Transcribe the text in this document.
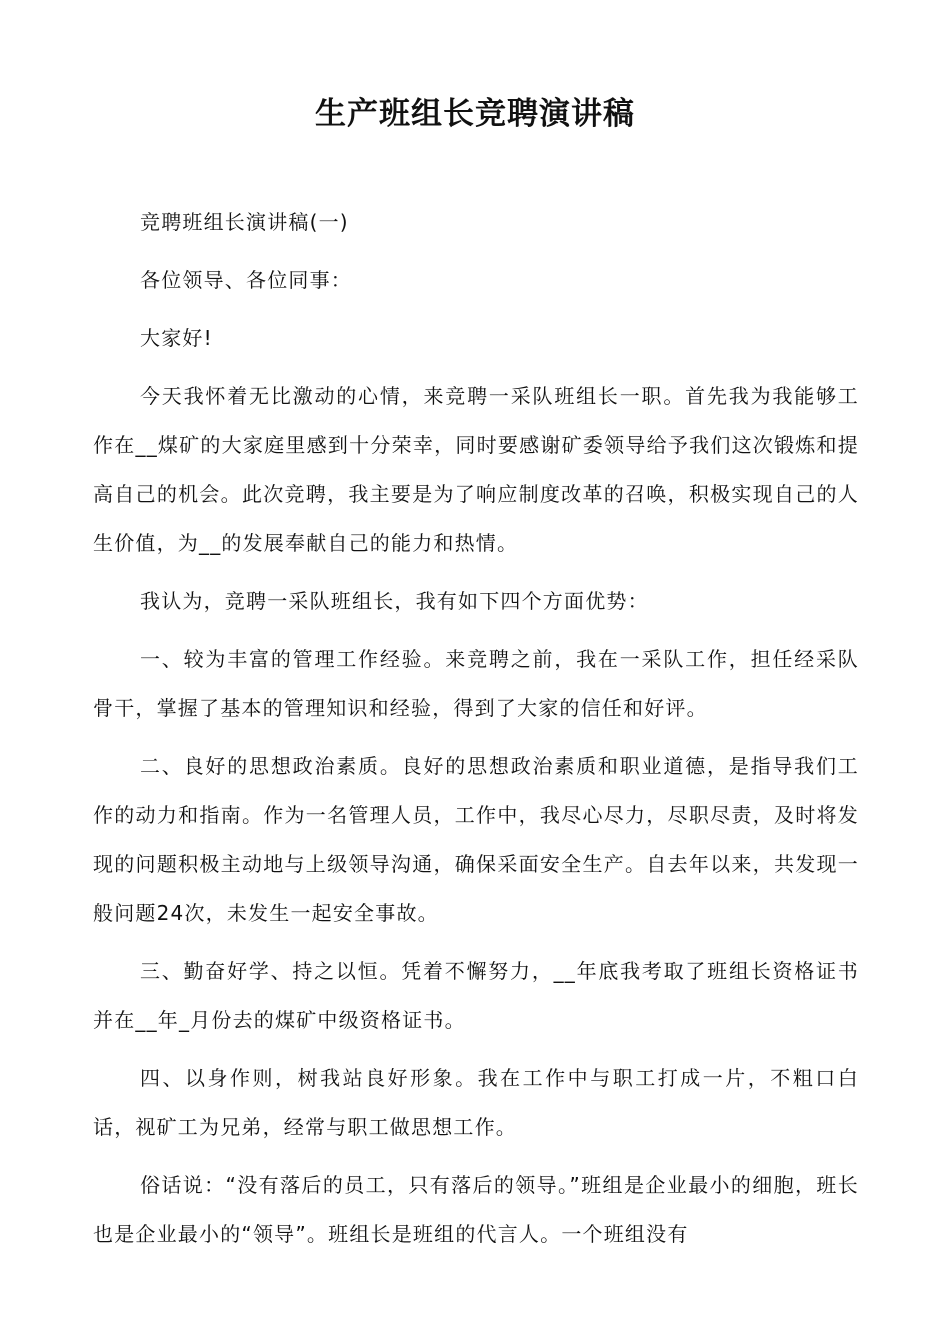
生产班组长竞聘演讲稿

竞聘班组长演讲稿(一)

各位领导、各位同事：

大家好!

今天我怀着无比激动的心情，来竞聘一采队班组长一职。首先我为我能够工作在__煤矿的大家庭里感到十分荣幸，同时要感谢矿委领导给予我们这次锻炼和提高自己的机会。此次竞聘，我主要是为了响应制度改革的召唤，积极实现自己的人生价值，为__的发展奉献自己的能力和热情。

我认为，竞聘一采队班组长，我有如下四个方面优势：

一、较为丰富的管理工作经验。来竞聘之前，我在一采队工作，担任经采队骨干，掌握了基本的管理知识和经验，得到了大家的信任和好评。

二、良好的思想政治素质。良好的思想政治素质和职业道德，是指导我们工作的动力和指南。作为一名管理人员，工作中，我尽心尽力，尽职尽责，及时将发现的问题积极主动地与上级领导沟通，确保采面安全生产。自去年以来，共发现一般问题24次，未发生一起安全事故。

三、勤奋好学、持之以恒。凭着不懈努力，__年底我考取了班组长资格证书并在__年_月份去的煤矿中级资格证书。

四、以身作则，树我站良好形象。我在工作中与职工打成一片，不粗口白话，视矿工为兄弟，经常与职工做思想工作。

俗话说：“没有落后的员工，只有落后的领导。”班组是企业最小的细胞，班长也是企业最小的“领导”。班组长是班组的代言人。一个班组没有
